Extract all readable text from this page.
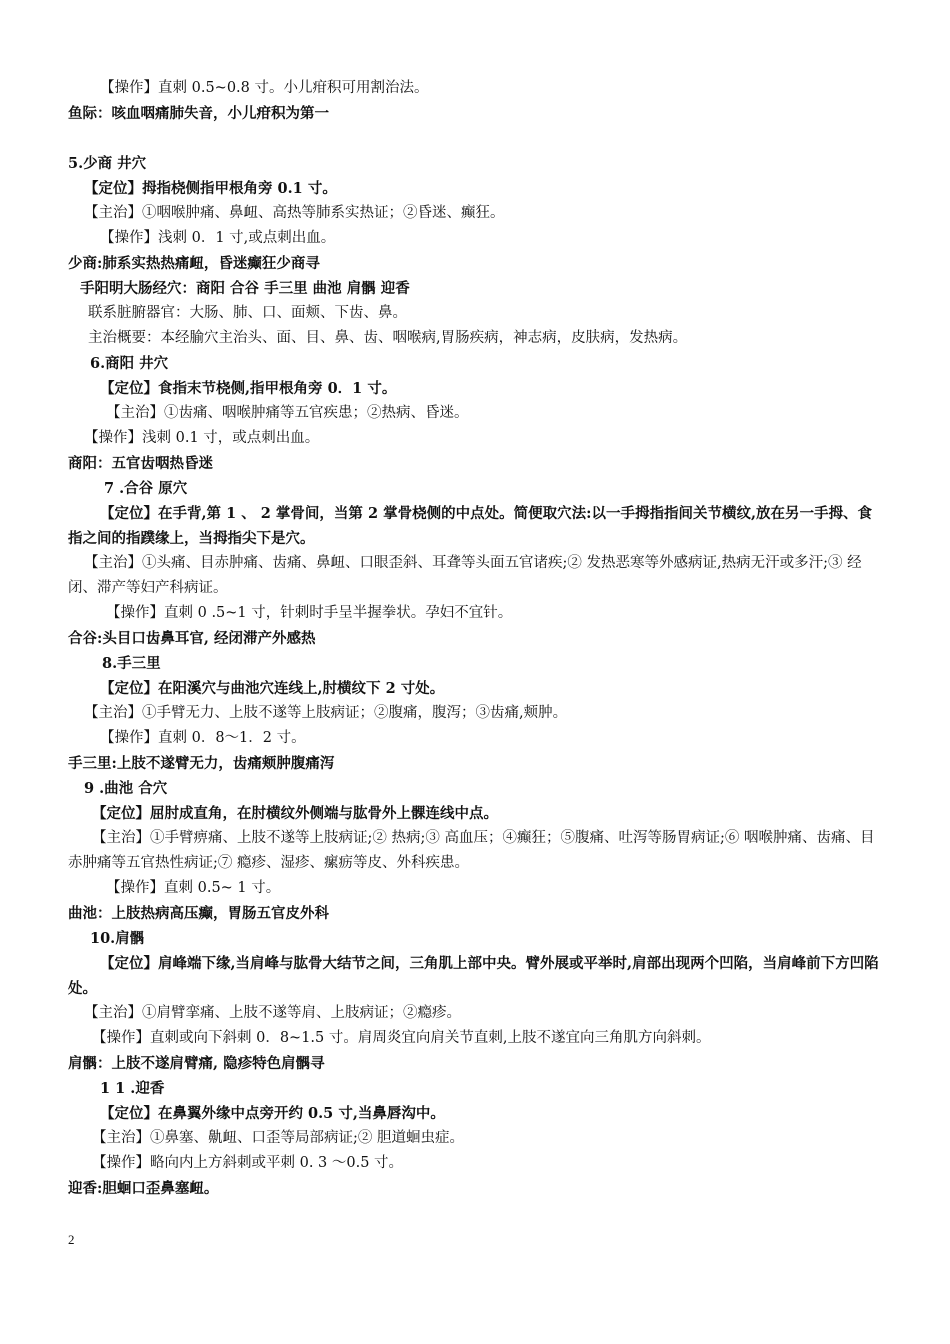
【操作】直刺 0.5~0.8 寸。小儿疳积可用割治法。
鱼际：咳血咽痛肺失音，小儿疳积为第一
5.少商 井穴
【定位】拇指桡侧指甲根角旁 0.1 寸。
【主治】①咽喉肿痛、鼻衄、高热等肺系实热证；②昏迷、癫狂。
【操作】浅刺 0．1 寸,或点刺出血。
少商:肺系实热热痛衄，昏迷癫狂少商寻
手阳明大肠经穴：商阳 合谷 手三里 曲池 肩髃 迎香
联系脏腑器官：大肠、肺、口、面颊、下齿、鼻。
主治概要：本经腧穴主治头、面、目、鼻、齿、咽喉病,胃肠疾病，神志病，皮肤病，发热病。
6.商阳 井穴
【定位】食指末节桡侧,指甲根角旁 0．1 寸。
【主治】①齿痛、咽喉肿痛等五官疾患；②热病、昏迷。
【操作】浅刺 0.1 寸，或点刺出血。
商阳：五官齿咽热昏迷
7 .合谷 原穴
【定位】在手背,第 1 、 2 掌骨间，当第 2 掌骨桡侧的中点处。简便取穴法:以一手拇指指间关节横纹,放在另一手拇、食指之间的指蹼缘上，当拇指尖下是穴。
【主治】①头痛、目赤肿痛、齿痛、鼻衄、口眼歪斜、耳聋等头面五官诸疾;② 发热恶寒等外感病证,热病无汗或多汗;③ 经闭、滞产等妇产科病证。
【操作】直刺 0 .5~1 寸，针刺时手呈半握拳状。孕妇不宜针。
合谷:头目口齿鼻耳官, 经闭滞产外感热
8.手三里
【定位】在阳溪穴与曲池穴连线上,肘横纹下 2 寸处。
【主治】①手臂无力、上肢不遂等上肢病证；②腹痛，腹泻；③齿痛,颊肿。
【操作】直刺 0．8～1．2 寸。
手三里:上肢不遂臂无力，齿痛颊肿腹痛泻
9 .曲池 合穴
【定位】屈肘成直角，在肘横纹外侧端与肱骨外上髁连线中点。
【主治】①手臂痹痛、上肢不遂等上肢病证;② 热病;③ 高血压；④癫狂；⑤腹痛、吐泻等肠胃病证;⑥ 咽喉肿痛、齿痛、目赤肿痛等五官热性病证;⑦ 瘾疹、湿疹、瘰疬等皮、外科疾患。
【操作】直刺 0.5~ 1 寸。
曲池：上肢热病高压癫，胃肠五官皮外科
10.肩髃
【定位】肩峰端下缘,当肩峰与肱骨大结节之间，三角肌上部中央。臂外展或平举时,肩部出现两个凹陷，当肩峰前下方凹陷处。
【主治】①肩臂挛痛、上肢不遂等肩、上肢病证；②瘾疹。
【操作】直刺或向下斜刺 0．8~1.5 寸。肩周炎宜向肩关节直刺,上肢不遂宜向三角肌方向斜刺。
肩髃：上肢不遂肩臂痛, 隐疹特色肩髃寻
1 1 .迎香
【定位】在鼻翼外缘中点旁开约 0.5 寸,当鼻唇沟中。
【主治】①鼻塞、鼽衄、口歪等局部病证;② 胆道蛔虫症。
【操作】略向内上方斜刺或平刺 0. 3 ～0.5 寸。
迎香:胆蛔口歪鼻塞衄。
2
